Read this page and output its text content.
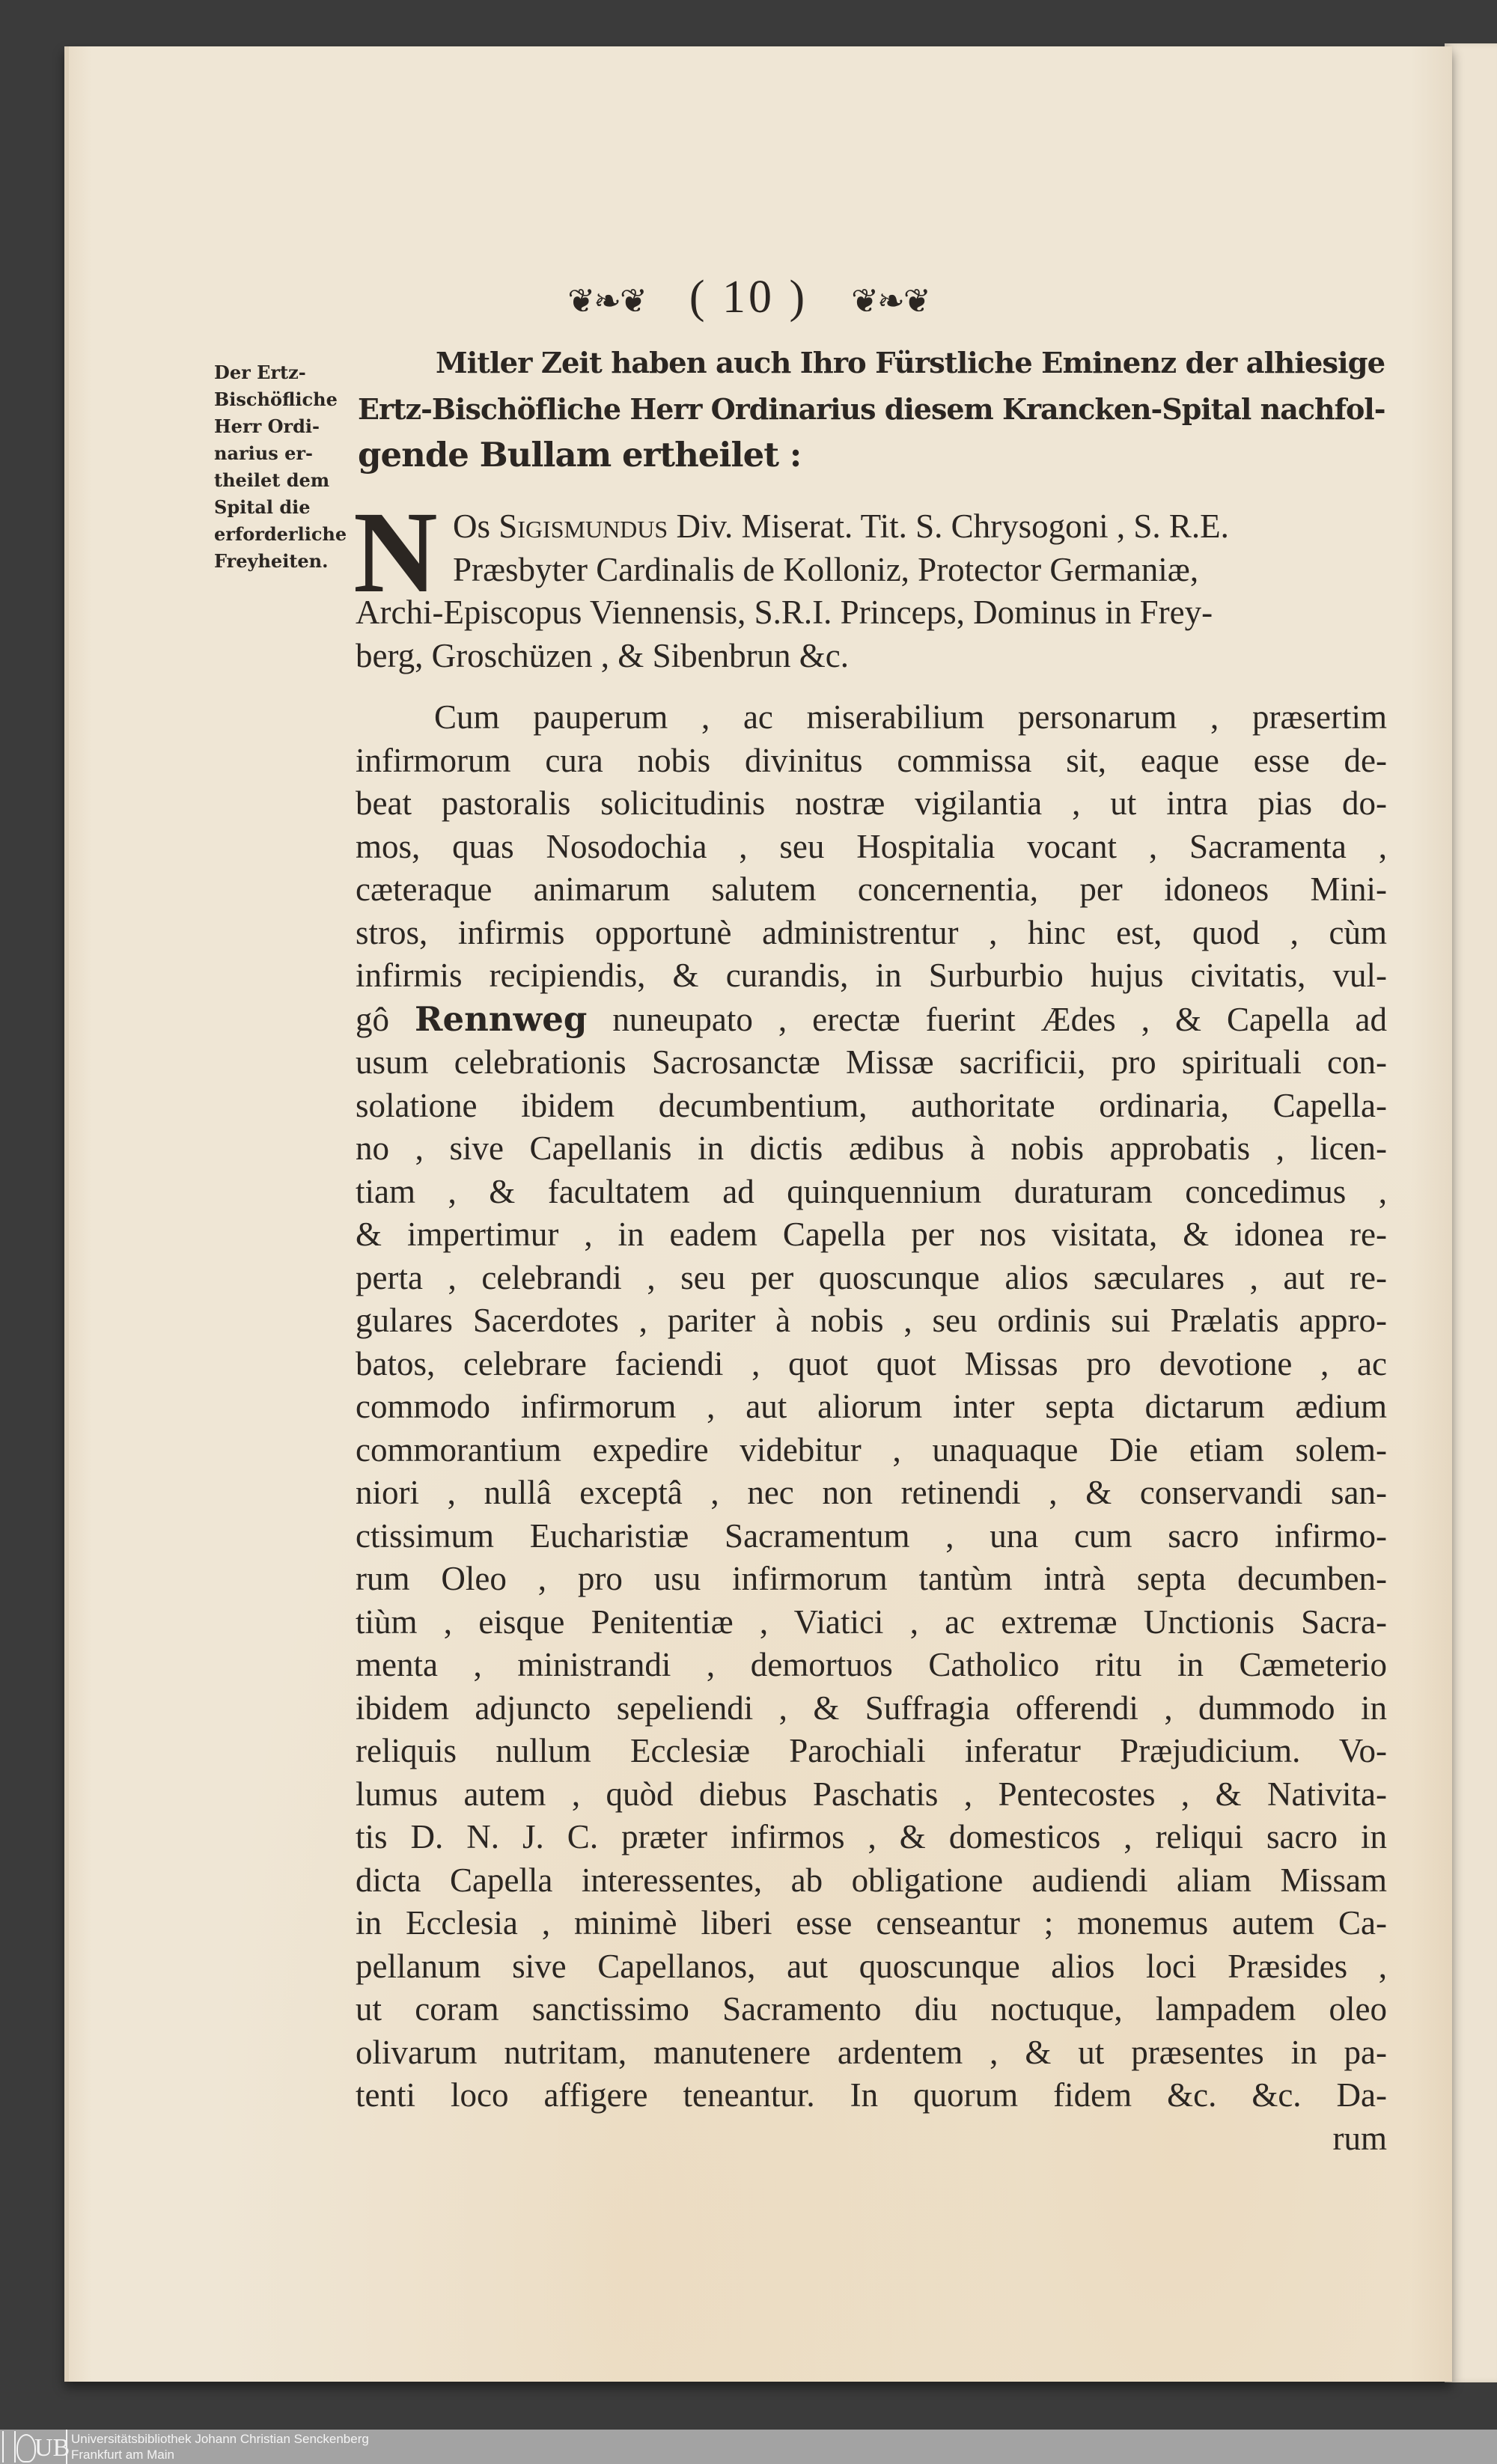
❦❧❦ ( 10 ) ❦❧❦
Der Ertz-
Bischöfliche
Herr Ordi-
narius er-
theilet dem
Spital die
erforderliche
Freyheiten.
Mitler Zeit haben auch Ihro Fürstliche Eminenz der alhiesige
Ertz-Bischöfliche Herr Ordinarius diesem Krancken-Spital nachfol-
gende Bullam ertheilet :
N Os Sigismundus Div. Miserat. Tit. S. Chrysogoni , S. R.E.
Præsbyter Cardinalis de Kolloniz, Protector Germaniæ,
Archi-Episcopus Viennensis, S.R.I. Princeps, Dominus in Frey-
berg, Groschüzen , & Sibenbrun &c.
Cum pauperum , ac miserabilium personarum , præsertim
infirmorum cura nobis divinitus commissa sit, eaque esse de-
beat pastoralis solicitudinis nostræ vigilantia , ut intra pias do-
mos, quas Nosodochia , seu Hospitalia vocant , Sacramenta ,
cæteraque animarum salutem concernentia, per idoneos Mini-
stros, infirmis opportunè administrentur , hinc est, quod , cùm
infirmis recipiendis, & curandis, in Surburbio hujus civitatis, vul-
gô Rennweg nuneupato , erectæ fuerint Ædes , & Capella ad
usum celebrationis Sacrosanctæ Missæ sacrificii, pro spirituali con-
solatione ibidem decumbentium, authoritate ordinaria, Capella-
no , sive Capellanis in dictis ædibus à nobis approbatis , licen-
tiam , & facultatem ad quinquennium duraturam concedimus ,
& impertimur , in eadem Capella per nos visitata, & idonea re-
perta , celebrandi , seu per quoscunque alios sæculares , aut re-
gulares Sacerdotes , pariter à nobis , seu ordinis sui Prælatis appro-
batos, celebrare faciendi , quot quot Missas pro devotione , ac
commodo infirmorum , aut aliorum inter septa dictarum ædium
commorantium expedire videbitur , unaquaque Die etiam solem-
niori , nullâ exceptâ , nec non retinendi , & conservandi san-
ctissimum Eucharistiæ Sacramentum , una cum sacro infirmo-
rum Oleo , pro usu infirmorum tantùm intrà septa decumben-
tiùm , eisque Penitentiæ , Viatici , ac extremæ Unctionis Sacra-
menta , ministrandi , demortuos Catholico ritu in Cæmeterio
ibidem adjuncto sepeliendi , & Suffragia offerendi , dummodo in
reliquis nullum Ecclesiæ Parochiali inferatur Præjudicium. Vo-
lumus autem , quòd diebus Paschatis , Pentecostes , & Nativita-
tis D. N. J. C. præter infirmos , & domesticos , reliqui sacro in
dicta Capella interessentes, ab obligatione audiendi aliam Missam
in Ecclesia , minimè liberi esse censeantur ; monemus autem Ca-
pellanum sive Capellanos, aut quoscunque alios loci Præsides ,
ut coram sanctissimo Sacramento diu noctuque, lampadem oleo
olivarum nutritam, manutenere ardentem , & ut præsentes in pa-
tenti loco affigere teneantur. In quorum fidem &c. &c. Da-
rum
UB Universitätsbibliothek Johann Christian Senckenberg
Frankfurt am Main
